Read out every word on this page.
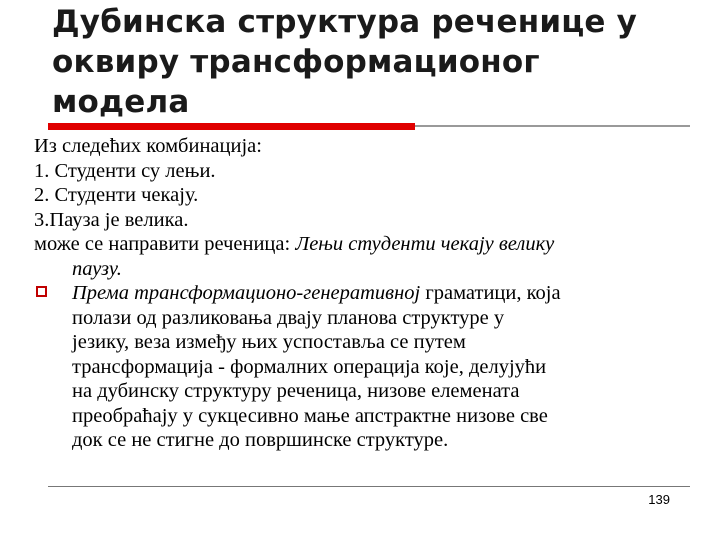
Дубинска структура реченице у
оквиру трансформационог
модела
Из следећих комбинација:
1. Студенти су лењи.
2. Студенти чекају.
3.Пауза је велика.
може се направити реченица: Лењи студенти чекају велику
паузу.
Према трансформационо-генеративној граматици, која
полази од разликовања двају планова структуре у
језику, веза између њих успоставља се путем
трансформација - формалних операција које, делујући
на дубинску структуру реченица, низове елемената
преобраћају у сукцесивно мање апстрактне низове све
док се не стигне до површинске структуре.
139
